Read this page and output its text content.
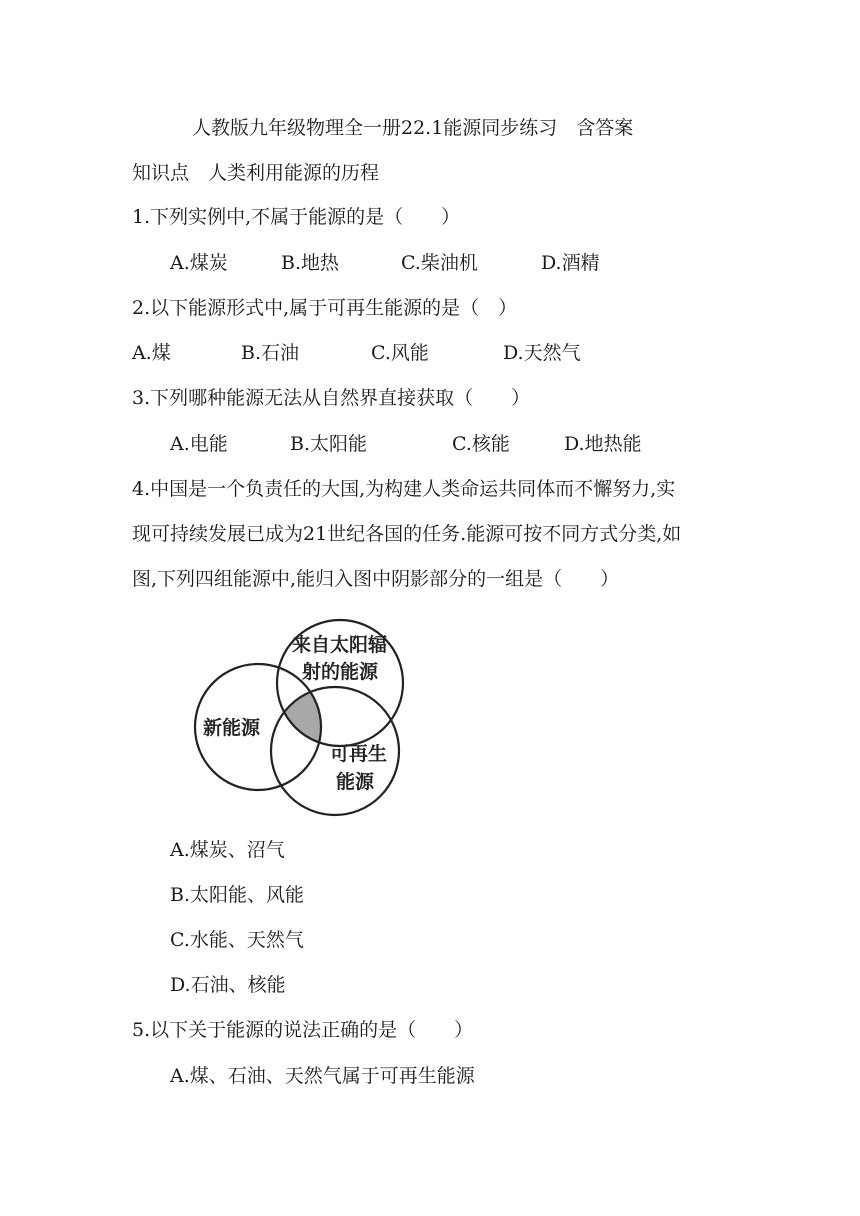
人教版九年级物理全一册22.1能源同步练习　含答案
知识点　人类利用能源的历程
1.下列实例中,不属于能源的是（　　）
A.煤炭	B.地热	C.柴油机	D.酒精
2.以下能源形式中,属于可再生能源的是（　）
A.煤	B.石油	C.风能	D.天然气
3.下列哪种能源无法从自然界直接获取（　　）
A.电能	B.太阳能	C.核能	D.地热能
4.中国是一个负责任的大国,为构建人类命运共同体而不懈努力,实
现可持续发展已成为21世纪各国的任务.能源可按不同方式分类,如
图,下列四组能源中,能归入图中阴影部分的一组是（　　）
来自太阳辐
射的能源
新能源
可再生
能源
A.煤炭、沼气
B.太阳能、风能
C.水能、天然气
D.石油、核能
5.以下关于能源的说法正确的是（　　）
A.煤、石油、天然气属于可再生能源
